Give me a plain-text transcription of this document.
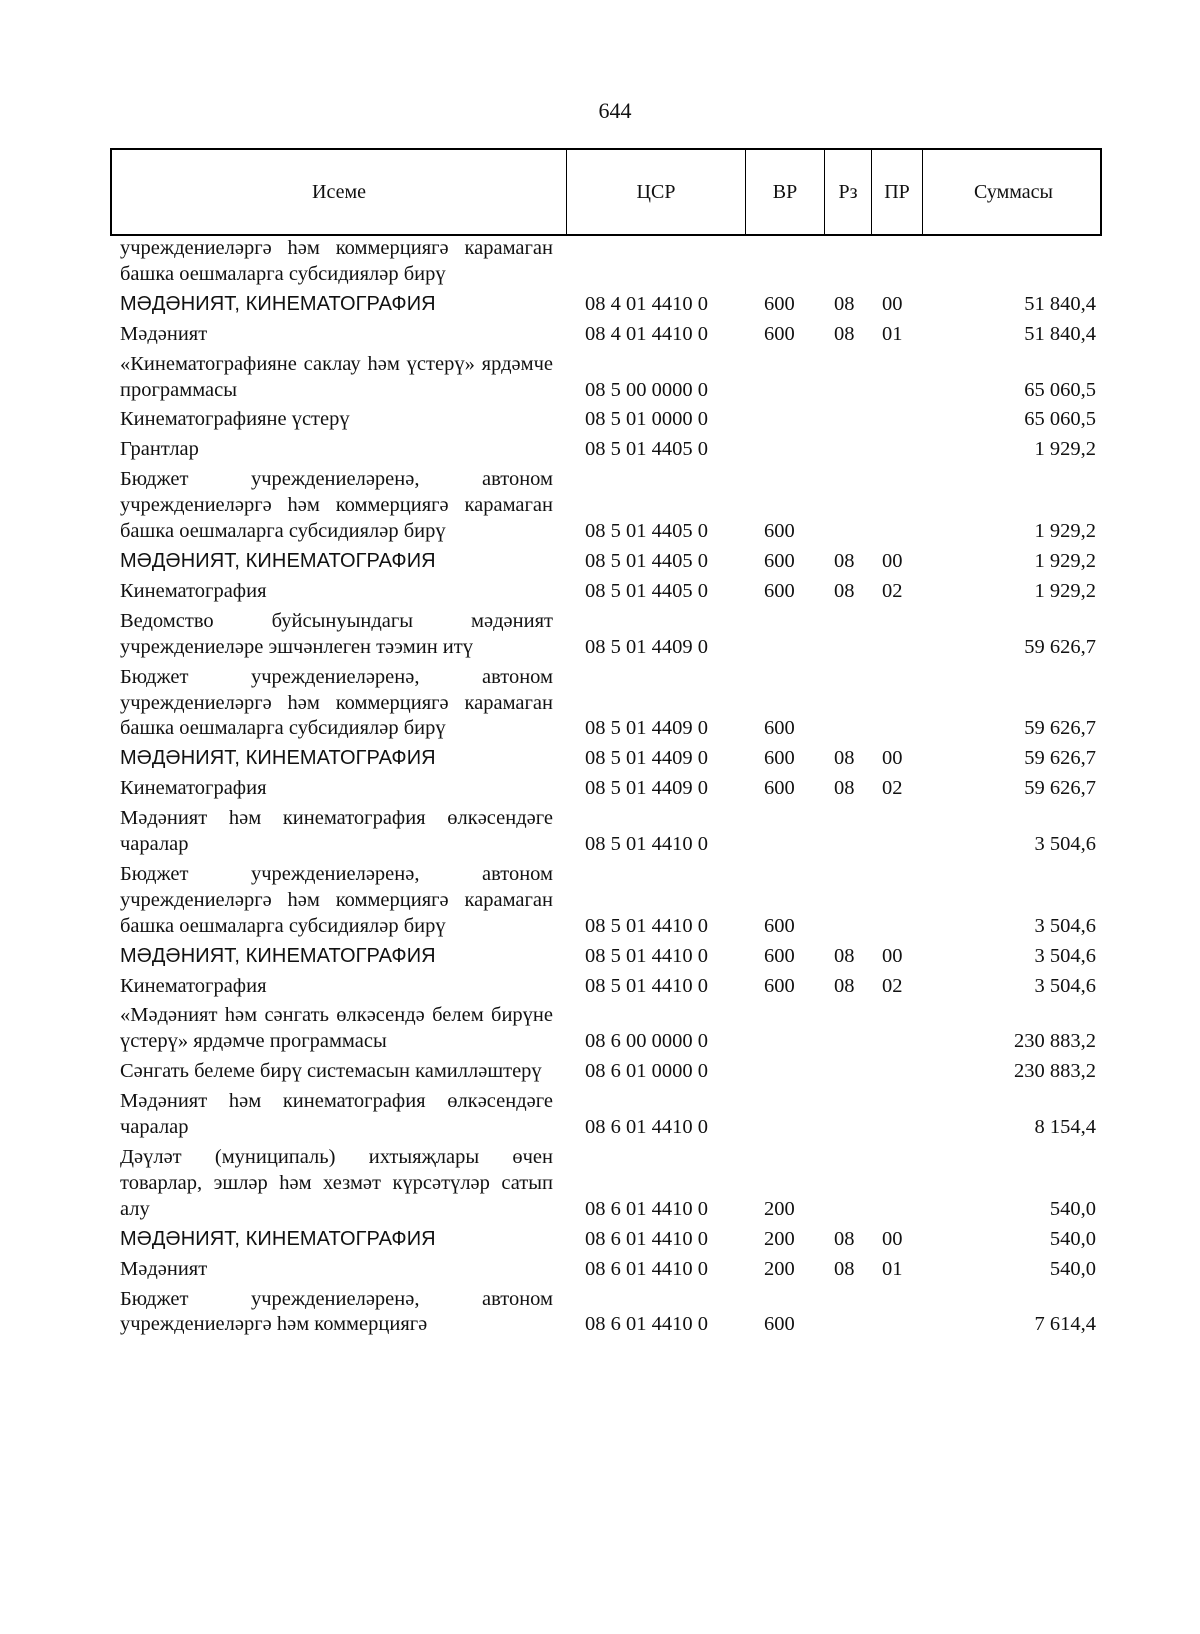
644
Исеме	ЦСР	ВР	Рз	ПР	Суммасы
учреждениеләргә һәм коммерциягә карамаган башка оешмаларга субсидияләр бирү
МӘДӘНИЯТ, КИНЕМАТОГРАФИЯ	08 4 01 4410 0	600 08 00	51 840,4
Мәдәният	08 4 01 4410 0	600 08 01	51 840,4
«Кинематографияне саклау һәм үстерү» ярдәмче программасы	08 5 00 0000 0	65 060,5
Кинематографияне үстерү	08 5 01 0000 0	65 060,5
Грантлар	08 5 01 4405 0	1 929,2
Бюджет учреждениеләренә, автоном учреждениеләргә һәм коммерциягә карамаган башка оешмаларга субсидияләр бирү	08 5 01 4405 0	600	1 929,2
МӘДӘНИЯТ, КИНЕМАТОГРАФИЯ	08 5 01 4405 0	600 08 00	1 929,2
Кинематография	08 5 01 4405 0	600 08 02	1 929,2
Ведомство буйсынуындагы мәдәният учреждениеләре эшчәнлеген тәэмин итү	08 5 01 4409 0	59 626,7
Бюджет учреждениеләренә, автоном учреждениеләргә һәм коммерциягә карамаган башка оешмаларга субсидияләр бирү	08 5 01 4409 0	600	59 626,7
МӘДӘНИЯТ, КИНЕМАТОГРАФИЯ	08 5 01 4409 0	600 08 00	59 626,7
Кинематография	08 5 01 4409 0	600 08 02	59 626,7
Мәдәният һәм кинематография өлкәсендәге чаралар	08 5 01 4410 0	3 504,6
Бюджет учреждениеләренә, автоном учреждениеләргә һәм коммерциягә карамаган башка оешмаларга субсидияләр бирү	08 5 01 4410 0	600	3 504,6
МӘДӘНИЯТ, КИНЕМАТОГРАФИЯ	08 5 01 4410 0	600 08 00	3 504,6
Кинематография	08 5 01 4410 0	600 08 02	3 504,6
«Мәдәният һәм сәнгать өлкәсендә белем бирүне үстерү» ярдәмче программасы	08 6 00 0000 0	230 883,2
Сәнгать белеме бирү системасын камилләштерү	08 6 01 0000 0	230 883,2
Мәдәният һәм кинематография өлкәсендәге чаралар	08 6 01 4410 0	8 154,4
Дәүләт (муниципаль) ихтыяҗлары өчен товарлар, эшләр һәм хезмәт күрсәтүләр сатып алу	08 6 01 4410 0	200	540,0
МӘДӘНИЯТ, КИНЕМАТОГРАФИЯ	08 6 01 4410 0	200 08 00	540,0
Мәдәният	08 6 01 4410 0	200 08 01	540,0
Бюджет учреждениеләренә, автоном учреждениеләргә һәм коммерциягә	08 6 01 4410 0	600	7 614,4
